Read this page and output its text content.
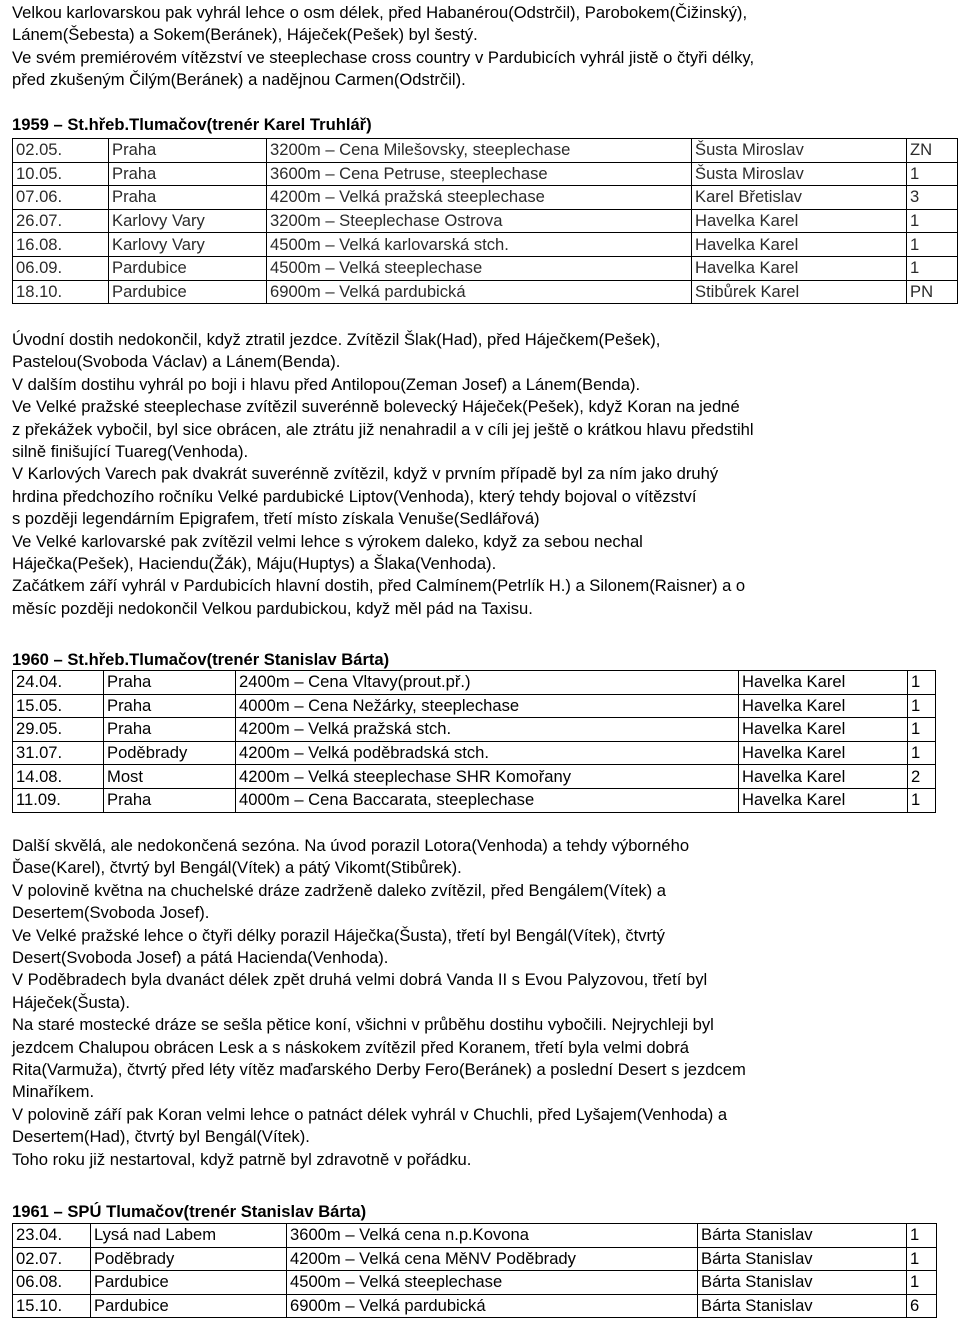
Velkou karlovarskou pak vyhrál lehce o osm délek, před Habanérou(Odstrčil), Parobokem(Čižinský),
Lánem(Šebesta) a Sokem(Beránek), Háječek(Pešek) byl šestý.
Ve svém premiérovém vítězství ve steeplechase cross country v Pardubicích vyhrál jistě o čtyři délky,
před zkušeným Čilým(Beránek) a nadějnou Carmen(Odstrčil).
1959 – St.hřeb.Tlumačov(trenér Karel Truhlář)
02.05.	Praha	3200m – Cena Milešovsky, steeplechase	Šusta Miroslav	ZN
10.05.	Praha	3600m – Cena Petruse, steeplechase	Šusta Miroslav	1
07.06.	Praha	4200m – Velká pražská steeplechase	Karel Břetislav	3
26.07.	Karlovy Vary	3200m – Steeplechase Ostrova	Havelka Karel	1
16.08.	Karlovy Vary	4500m – Velká karlovarská stch.	Havelka Karel	1
06.09.	Pardubice	4500m – Velká steeplechase	Havelka Karel	1
18.10.	Pardubice	6900m – Velká pardubická	Stibůrek Karel	PN
Úvodní dostih nedokončil, když ztratil jezdce. Zvítězil Šlak(Had), před Háječkem(Pešek),
Pastelou(Svoboda Václav) a Lánem(Benda).
V dalším dostihu vyhrál po boji i hlavu před Antilopou(Zeman Josef) a Lánem(Benda).
Ve Velké pražské steeplechase zvítězil suverénně bolevecký Háječek(Pešek), když Koran na jedné
z překážek vybočil, byl sice obrácen, ale ztrátu již nenahradil a v cíli jej ještě o krátkou hlavu předstihl
silně finišující Tuareg(Venhoda).
V Karlových Varech pak dvakrát suverénně zvítězil, když v prvním případě byl za ním jako druhý
hrdina předchozího ročníku Velké pardubické Liptov(Venhoda), který tehdy bojoval o vítězství
s později legendárním Epigrafem, třetí místo získala Venuše(Sedlářová)
Ve Velké karlovarské pak zvítězil velmi lehce s výrokem daleko, když za sebou nechal
Háječka(Pešek), Haciendu(Žák), Máju(Huptys) a Šlaka(Venhoda).
Začátkem září vyhrál v Pardubicích hlavní dostih, před Calmínem(Petrlík H.) a Silonem(Raisner) a o
měsíc později nedokončil Velkou pardubickou, když měl pád na Taxisu.
1960 – St.hřeb.Tlumačov(trenér Stanislav Bárta)
24.04.	Praha	2400m – Cena Vltavy(prout.př.)	Havelka Karel	1
15.05.	Praha	4000m – Cena Nežárky, steeplechase	Havelka Karel	1
29.05.	Praha	4200m – Velká pražská stch.	Havelka Karel	1
31.07.	Poděbrady	4200m – Velká poděbradská stch.	Havelka Karel	1
14.08.	Most	4200m – Velká steeplechase SHR Komořany	Havelka Karel	2
11.09.	Praha	4000m – Cena Baccarata, steeplechase	Havelka Karel	1
Další skvělá, ale nedokončená sezóna. Na úvod porazil Lotora(Venhoda) a tehdy výborného
Ďase(Karel), čtvrtý byl Bengál(Vítek) a pátý Vikomt(Stibůrek).
V polovině května na chuchelské dráze zadrženě daleko zvítězil, před Bengálem(Vítek) a
Desertem(Svoboda Josef).
Ve Velké pražské lehce o čtyři délky porazil Háječka(Šusta), třetí byl Bengál(Vítek), čtvrtý
Desert(Svoboda Josef) a pátá Hacienda(Venhoda).
V Poděbradech byla dvanáct délek zpět druhá velmi dobrá Vanda II s Evou Palyzovou, třetí byl
Háječek(Šusta).
Na staré mostecké dráze se sešla pětice koní, všichni v průběhu dostihu vybočili. Nejrychleji byl
jezdcem Chalupou obrácen Lesk a s náskokem zvítězil před Koranem, třetí byla velmi dobrá
Rita(Varmuža), čtvrtý před léty vítěz maďarského Derby Fero(Beránek) a poslední Desert s jezdcem
Minaříkem.
V polovině září pak Koran velmi lehce o patnáct délek vyhrál v Chuchli, před Lyšajem(Venhoda) a
Desertem(Had), čtvrtý byl Bengál(Vítek).
Toho roku již nestartoval, když patrně byl zdravotně v pořádku.
1961 – SPÚ Tlumačov(trenér Stanislav Bárta)
23.04.	Lysá nad Labem	3600m – Velká cena n.p.Kovona	Bárta Stanislav	1
02.07.	Poděbrady	4200m – Velká cena MěNV Poděbrady	Bárta Stanislav	1
06.08.	Pardubice	4500m – Velká steeplechase	Bárta Stanislav	1
15.10.	Pardubice	6900m – Velká pardubická	Bárta Stanislav	6
